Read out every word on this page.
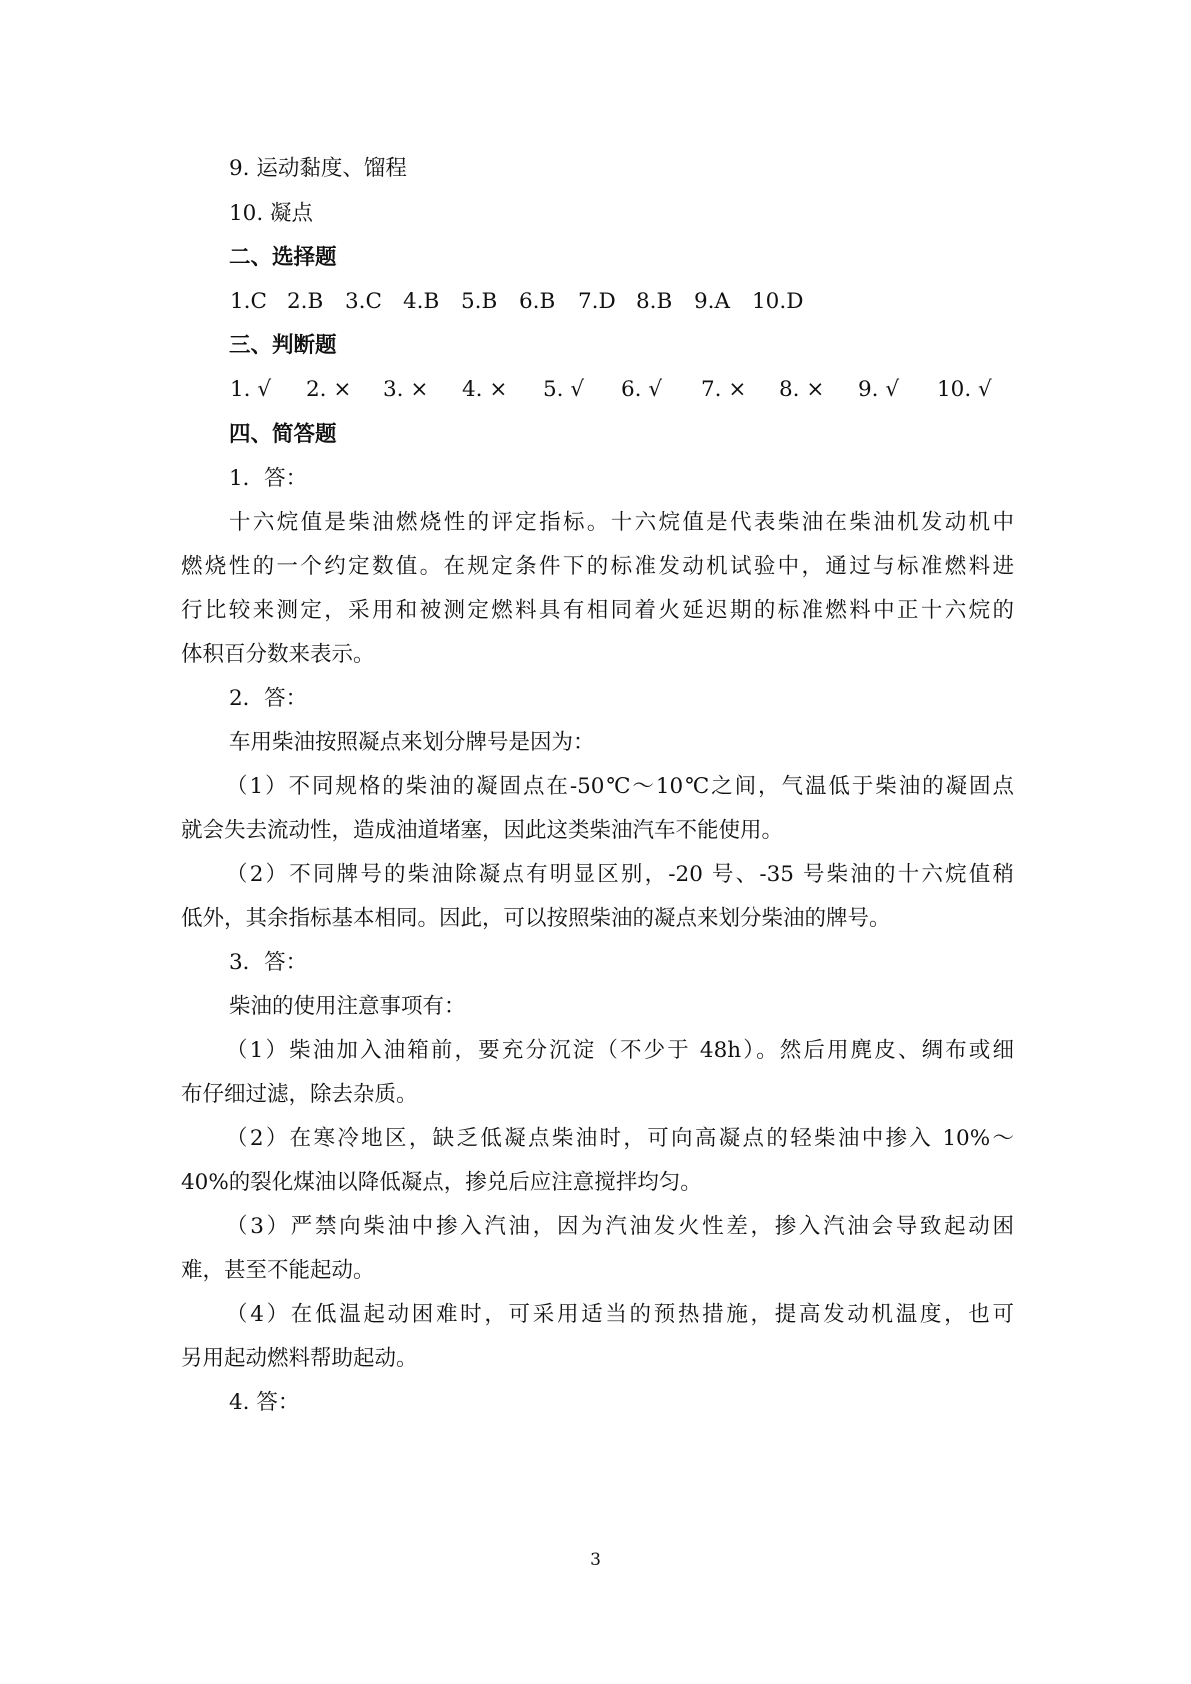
9. 运动黏度、馏程
10. 凝点
二、选择题
1.C 2.B 3.C 4.B 5.B 6.B 7.D 8.B 9.A 10.D
三、判断题
1. √ 2. × 3. × 4. × 5. √ 6. √ 7. × 8. × 9. √ 10. √
四、简答题
1．答：
十六烷值是柴油燃烧性的评定指标。十六烷值是代表柴油在柴油机发动机中
燃烧性的一个约定数值。在规定条件下的标准发动机试验中，通过与标准燃料进
行比较来测定，采用和被测定燃料具有相同着火延迟期的标准燃料中正十六烷的
体积百分数来表示。
2．答：
车用柴油按照凝点来划分牌号是因为：
（1）不同规格的柴油的凝固点在-50℃～10℃之间，气温低于柴油的凝固点
就会失去流动性，造成油道堵塞，因此这类柴油汽车不能使用。
（2）不同牌号的柴油除凝点有明显区别，-20 号、-35 号柴油的十六烷值稍
低外，其余指标基本相同。因此，可以按照柴油的凝点来划分柴油的牌号。
3．答：
柴油的使用注意事项有：
（1）柴油加入油箱前，要充分沉淀（不少于 48h）。然后用麂皮、绸布或细
布仔细过滤，除去杂质。
（2）在寒冷地区，缺乏低凝点柴油时，可向高凝点的轻柴油中掺入 10%～
40%的裂化煤油以降低凝点，掺兑后应注意搅拌均匀。
（3）严禁向柴油中掺入汽油，因为汽油发火性差，掺入汽油会导致起动困
难，甚至不能起动。
（4）在低温起动困难时，可采用适当的预热措施，提高发动机温度，也可
另用起动燃料帮助起动。
4. 答：
3
